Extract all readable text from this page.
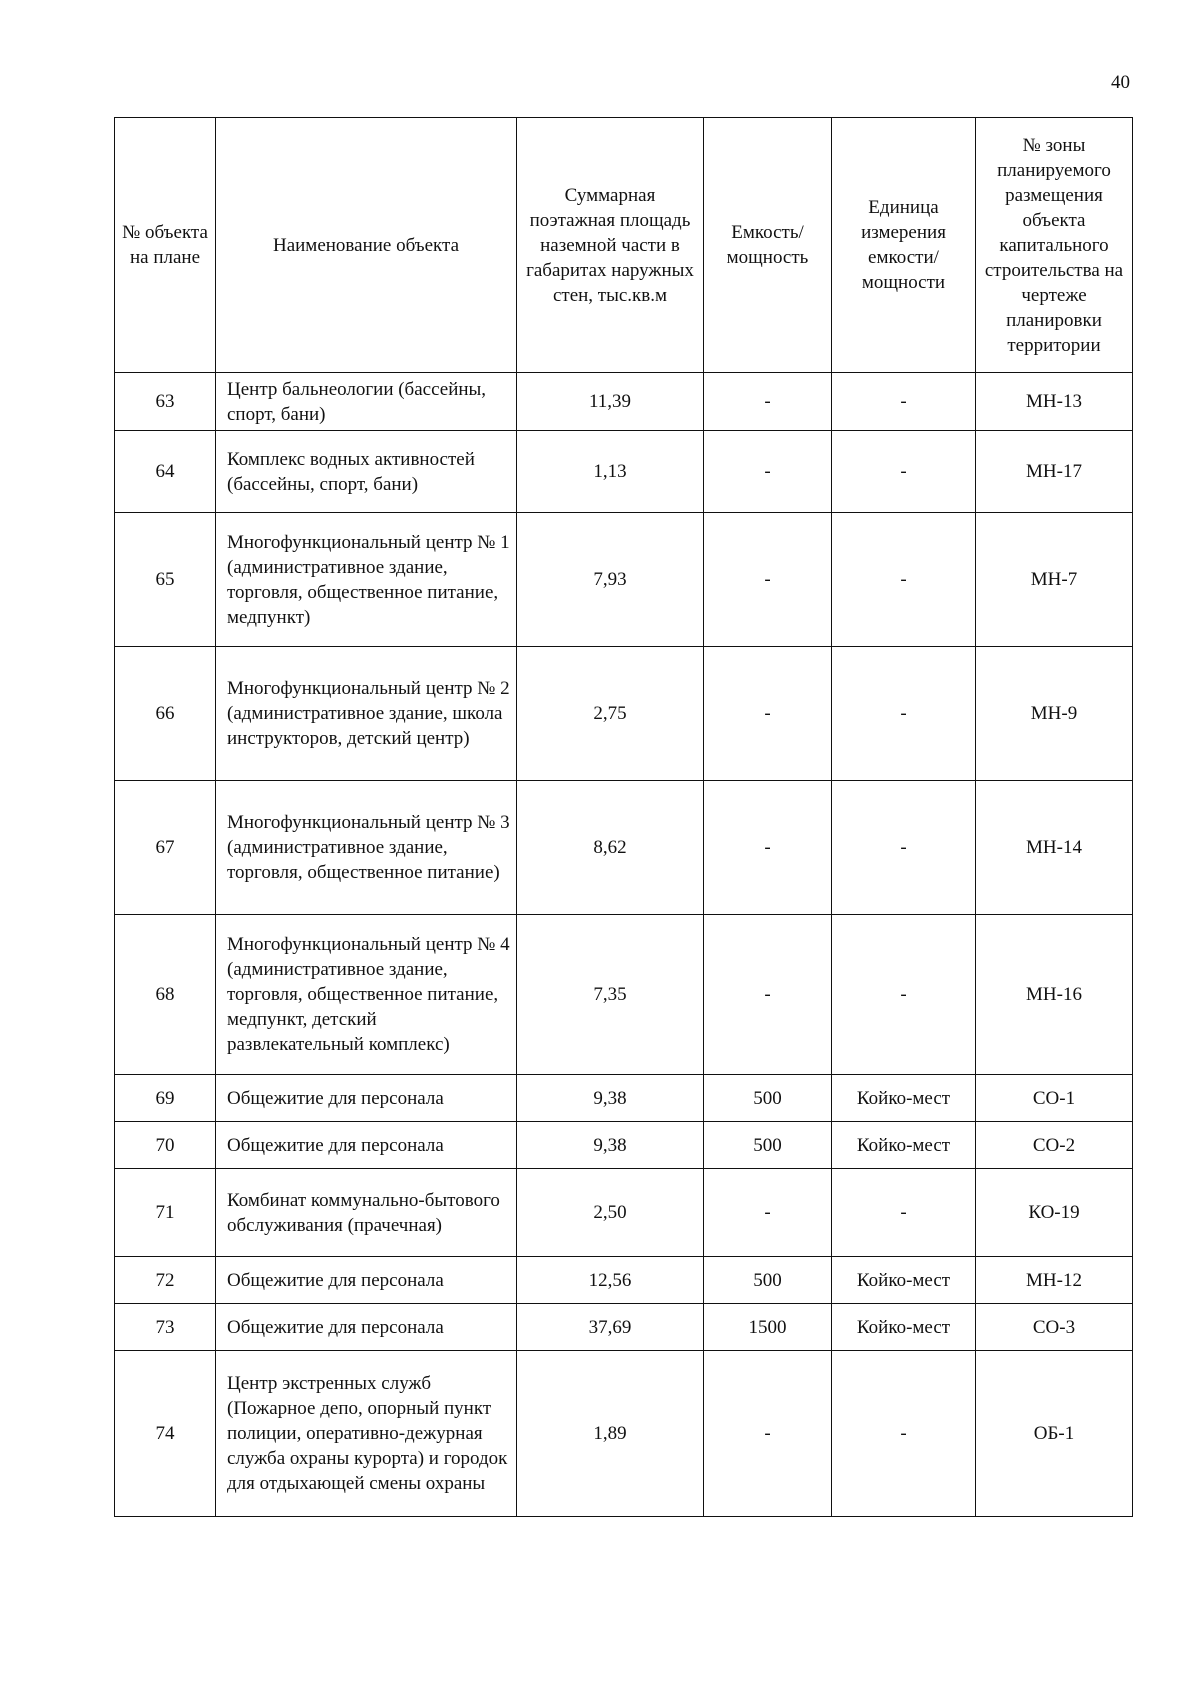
40
№ объекта на плане	Наименование объекта	Суммарная поэтажная площадь наземной части в габаритах наружных стен, тыс.кв.м	Емкость/ мощность	Единица измерения емкости/ мощности	№ зоны планируемого размещения объекта капитального строительства на чертеже планировки территории
63	Центр бальнеологии (бассейны, спорт, бани)	11,39	-	-	МН-13
64	Комплекс водных активностей (бассейны, спорт, бани)	1,13	-	-	МН-17
65	Многофункциональный центр № 1 (административное здание, торговля, общественное питание, медпункт)	7,93	-	-	МН-7
66	Многофункциональный центр № 2 (административное здание, школа инструкторов, детский центр)	2,75	-	-	МН-9
67	Многофункциональный центр № 3 (административное здание, торговля, общественное питание)	8,62	-	-	МН-14
68	Многофункциональный центр № 4 (административное здание, торговля, общественное питание, медпункт, детский развлекательный комплекс)	7,35	-	-	МН-16
69	Общежитие для персонала	9,38	500	Койко-мест	СО-1
70	Общежитие для персонала	9,38	500	Койко-мест	СО-2
71	Комбинат коммунально-бытового обслуживания (прачечная)	2,50	-	-	КО-19
72	Общежитие для персонала	12,56	500	Койко-мест	МН-12
73	Общежитие для персонала	37,69	1500	Койко-мест	СО-3
74	Центр экстренных служб (Пожарное депо, опорный пункт полиции, оперативно-дежурная служба охраны курорта) и городок для отдыхающей смены охраны	1,89	-	-	ОБ-1
